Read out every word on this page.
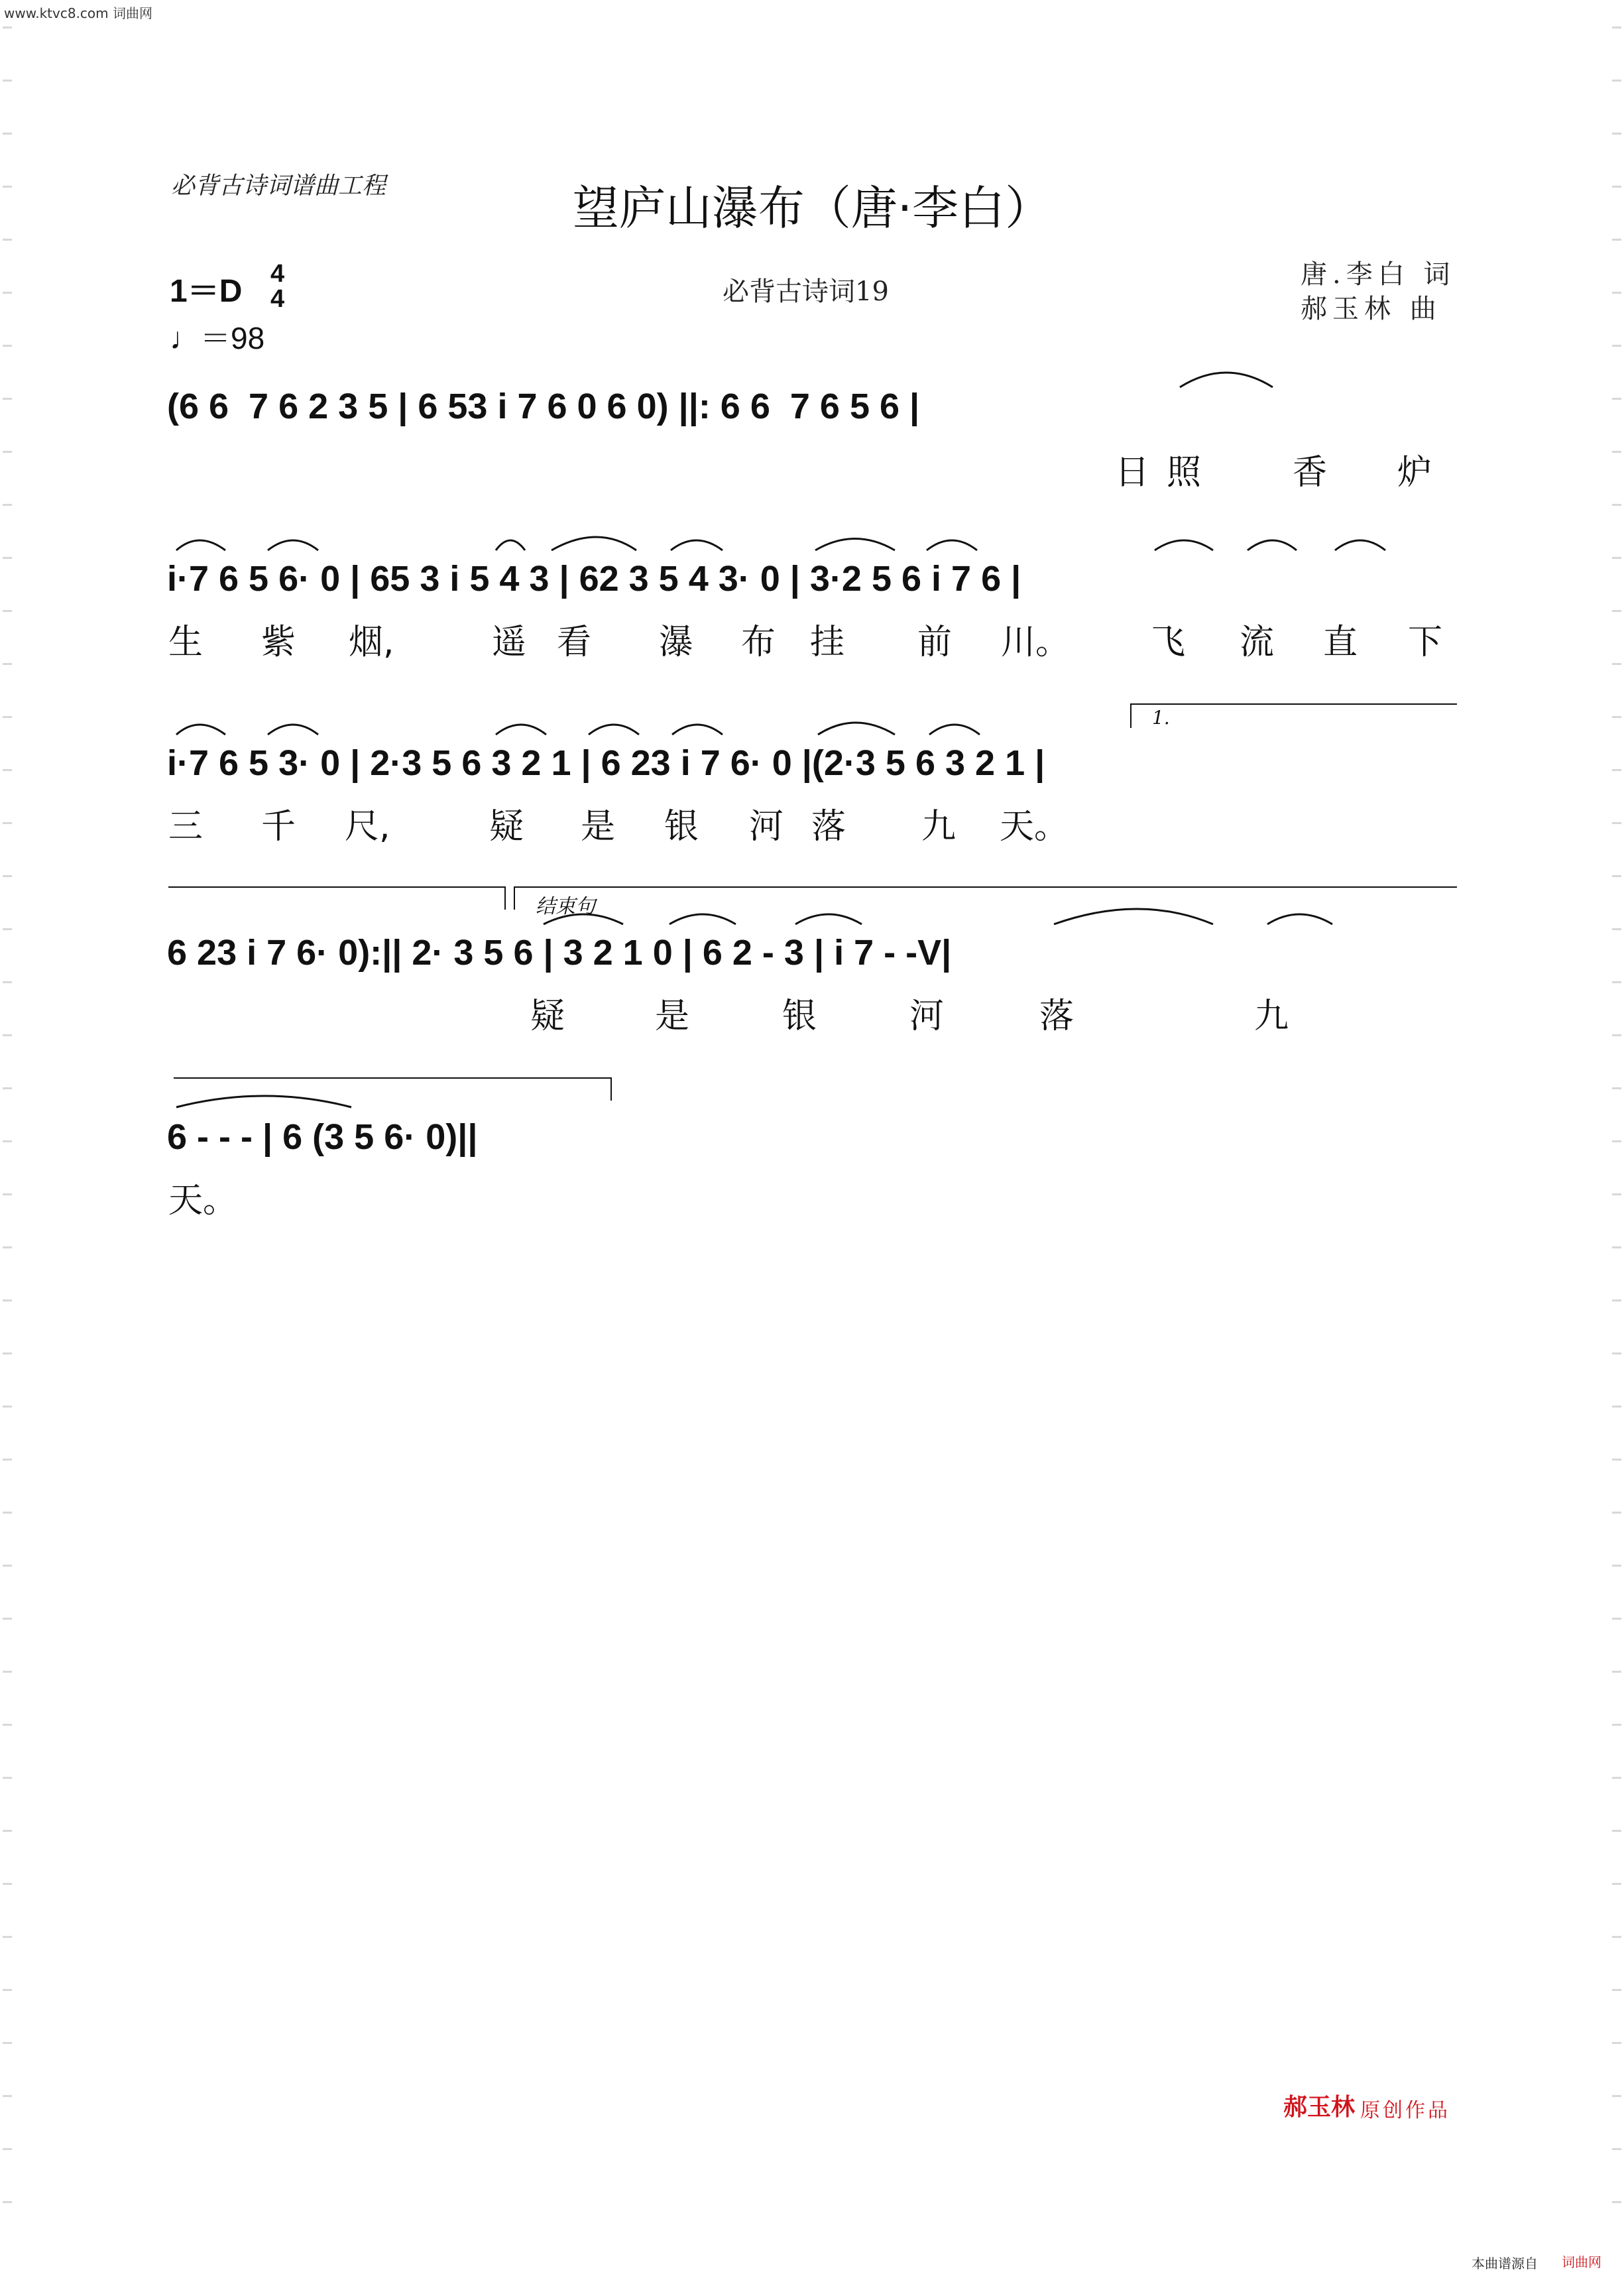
www.ktvc8.com 词曲网
必背古诗词谱曲工程	望庐山瀑布（唐·李白）
必背古诗词19
唐.李白 词
郝玉林 曲
1＝D 4
4
♩＝98
(6 6  7 6 2 3 5 | 6 53 i 7 6 0 6 0) ||: 6 6  7 6 5 6 |
i·7 6 5 6· 0 | 65 3 i 5 4 3 | 62 3 5 4 3· 0 | 3·2 5 6 i 7 6 |
i·7 6 5 3· 0 | 2·3 5 6 3 2 1 | 6 23 i 7 6· 0 |(2·3 5 6 3 2 1 |
6 23 i 7 6· 0):|| 2· 3 5 6 | 3 2 1 0 | 6 2 - 3 | i 7 - -V|
6 - - - | 6 (3 5 6· 0)||
日 照	香 炉
生 紫 烟,	遥 看 瀑 布 挂 前 川。 飞 流 直 下
三 千 尺,	疑 是 银 河 落 九 天。
疑	是	银	河	落	九
天。
1.
结束句
郝玉林 原创作品
本曲谱源自 词曲网
